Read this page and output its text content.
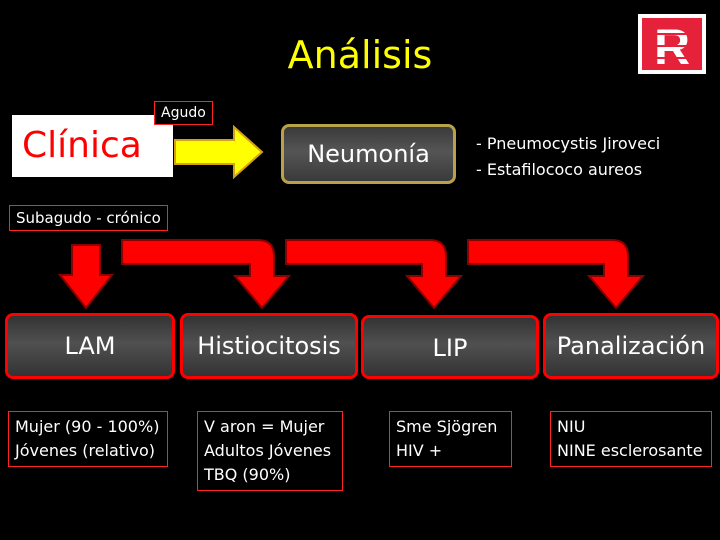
Análisis	R
Clínica
Agudo
Neumonía	- Pneumocystis Jiroveci
- Estafilococo aureos
Subagudo - crónico
LAM	Histiocitosis	LIP	Panalización
Mujer (90 - 100%)
Jóvenes (relativo)
V aron = Mujer
Adultos Jóvenes
TBQ (90%)
Sme Sjögren
HIV +
NIU
NINE esclerosante
